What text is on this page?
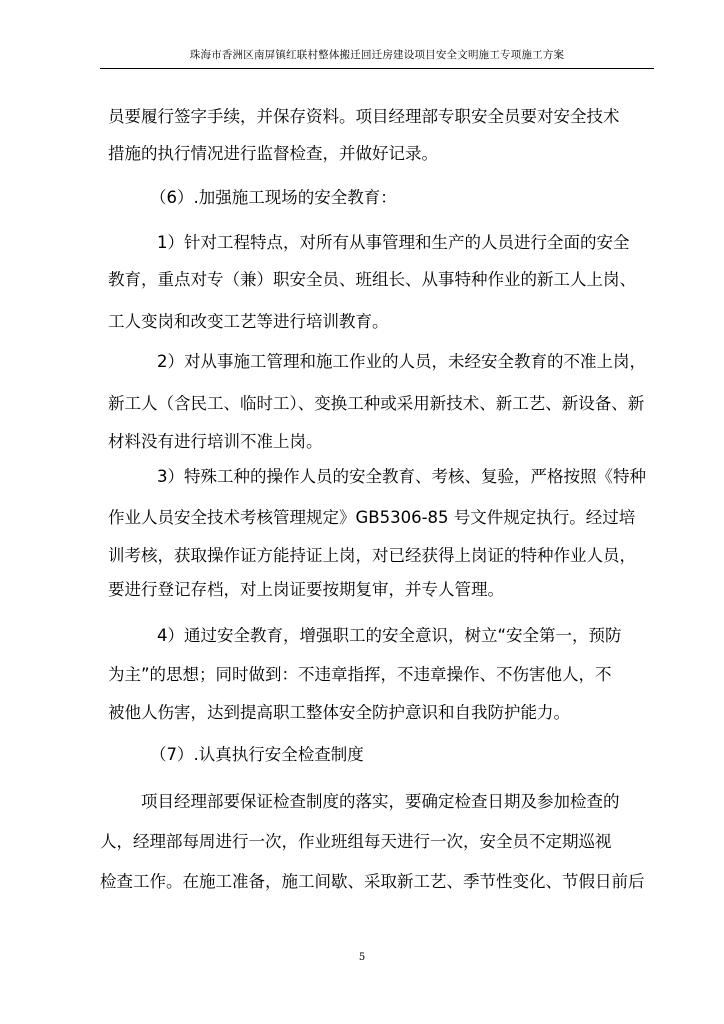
珠海市香洲区南屏镇红联村整体搬迁回迁房建设项目安全文明施工专项施工方案
员要履行签字手续，并保存资料。项目经理部专职安全员要对安全技术
措施的执行情况进行监督检查，并做好记录。
（6）.加强施工现场的安全教育：
1）针对工程特点，对所有从事管理和生产的人员进行全面的安全
教育，重点对专（兼）职安全员、班组长、从事特种作业的新工人上岗、
工人变岗和改变工艺等进行培训教育。
2）对从事施工管理和施工作业的人员，未经安全教育的不准上岗，
新工人（含民工、临时工）、变换工种或采用新技术、新工艺、新设备、新
材料没有进行培训不准上岗。
3）特殊工种的操作人员的安全教育、考核、复验，严格按照《特种
作业人员安全技术考核管理规定》GB5306-85 号文件规定执行。经过培
训考核，获取操作证方能持证上岗，对已经获得上岗证的特种作业人员，
要进行登记存档，对上岗证要按期复审，并专人管理。
4）通过安全教育，增强职工的安全意识，树立“安全第一，预防
为主”的思想；同时做到：不违章指挥，不违章操作、不伤害他人，不
被他人伤害，达到提高职工整体安全防护意识和自我防护能力。
（7）.认真执行安全检查制度
项目经理部要保证检查制度的落实，要确定检查日期及参加检查的
人，经理部每周进行一次，作业班组每天进行一次，安全员不定期巡视
检查工作。在施工准备，施工间歇、采取新工艺、季节性变化、节假日前后
5
